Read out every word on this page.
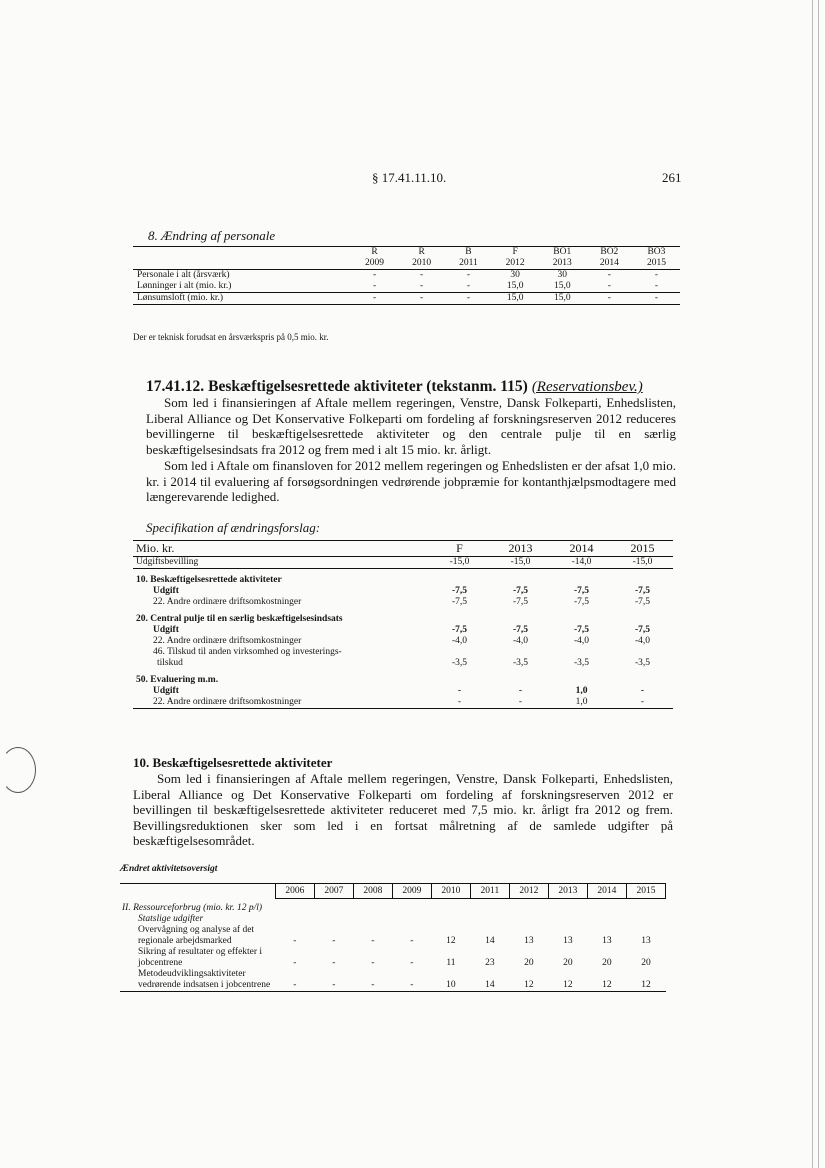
§ 17.41.11.10.	261
8. Ændring af personale
	R	R	B	F	BO1	BO2	BO3
	2009	2010	2011	2012	2013	2014	2015
Personale i alt (årsværk)	-	-	-	30	30	-	-
Lønninger i alt (mio. kr.)	-	-	-	15,0	15,0	-	-
Lønsumsloft (mio. kr.)	-	-	-	15,0	15,0	-	-
Der er teknisk forudsat en årsværkspris på 0,5 mio. kr.
17.41.12. Beskæftigelsesrettede aktiviteter (tekstanm. 115) (Reservationsbev.)
Som led i finansieringen af Aftale mellem regeringen, Venstre, Dansk Folkeparti, Enhedslisten, Liberal Alliance og Det Konservative Folkeparti om fordeling af forskningsreserven 2012 reduceres bevillingerne til beskæftigelsesrettede aktiviteter og den centrale pulje til en særlig beskæftigelsesindsats fra 2012 og frem med i alt 15 mio. kr. årligt.
Som led i Aftale om finansloven for 2012 mellem regeringen og Enhedslisten er der afsat 1,0 mio. kr. i 2014 til evaluering af forsøgsordningen vedrørende jobpræmie for kontanthjælpsmodtagere med længerevarende ledighed.
Specifikation af ændringsforslag:
Mio. kr.	F	2013	2014	2015
Udgiftsbevilling	-15,0	-15,0	-14,0	-15,0
10. Beskæftigelsesrettede aktiviteter				
Udgift	-7,5	-7,5	-7,5	-7,5
22. Andre ordinære driftsomkostninger	-7,5	-7,5	-7,5	-7,5
20. Central pulje til en særlig beskæftigelsesindsats				
Udgift	-7,5	-7,5	-7,5	-7,5
22. Andre ordinære driftsomkostninger	-4,0	-4,0	-4,0	-4,0
46. Tilskud til anden virksomhed og investerings-				
tilskud	-3,5	-3,5	-3,5	-3,5
50. Evaluering m.m.				
Udgift	-	-	1,0	-
22. Andre ordinære driftsomkostninger	-	-	1,0	-
10. Beskæftigelsesrettede aktiviteter
Som led i finansieringen af Aftale mellem regeringen, Venstre, Dansk Folkeparti, Enhedslisten, Liberal Alliance og Det Konservative Folkeparti om fordeling af forskningsreserven 2012 er bevillingen til beskæftigelsesrettede aktiviteter reduceret med 7,5 mio. kr. årligt fra 2012 og frem. Bevillingsreduktionen sker som led i en fortsat målretning af de samlede udgifter på beskæftigelsesområdet.
Ændret aktivitetsoversigt
	2006	2007	2008	2009	2010	2011	2012	2013	2014	2015
II. Ressourceforbrug (mio. kr. 12 p/l)										
Statslige udgifter										
Overvågning og analyse af det regionale arbejdsmarked	-	-	-	-	12	14	13	13	13	13
Sikring af resultater og effekter i jobcentrene	-	-	-	-	11	23	20	20	20	20
Metodeudviklingsaktiviteter vedrørende indsatsen i jobcentrene	-	-	-	-	10	14	12	12	12	12
